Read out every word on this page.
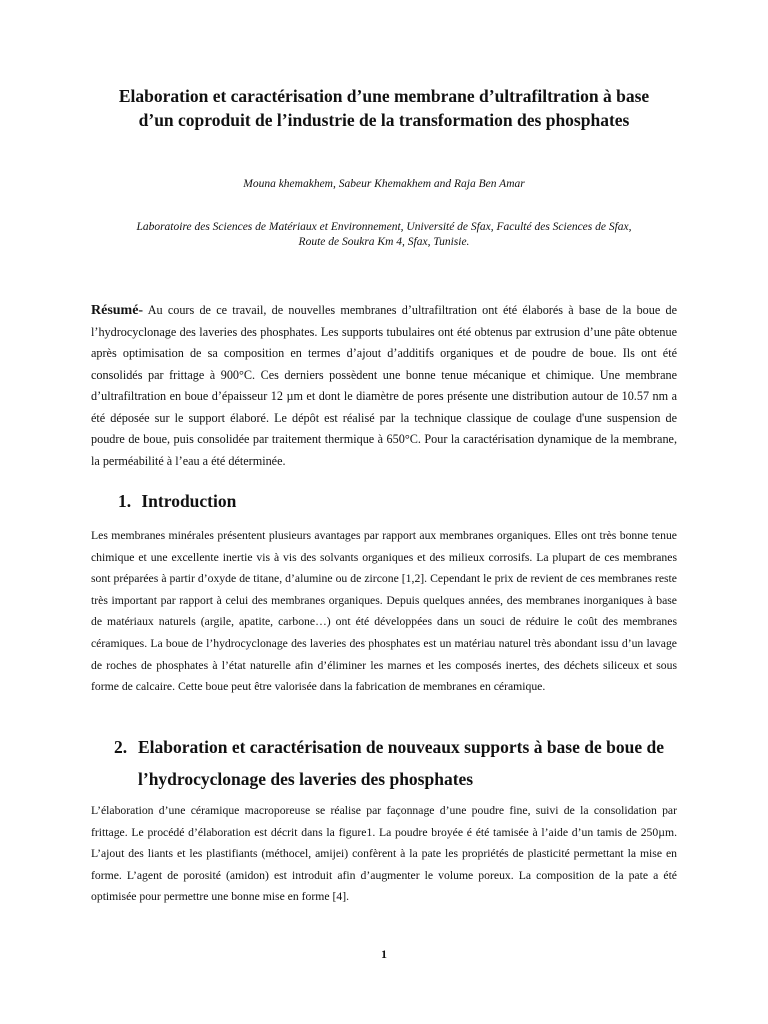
Elaboration et caractérisation d’une membrane d’ultrafiltration à base
d’un coproduit de l’industrie de la transformation des phosphates

Mouna khemakhem, Sabeur Khemakhem and Raja Ben Amar

Laboratoire des Sciences de Matériaux et Environnement, Université de Sfax, Faculté des Sciences de Sfax,
Route de Soukra Km 4, Sfax, Tunisie.

Résumé- Au cours de ce travail, de nouvelles membranes d’ultrafiltration ont été élaborés à base de la boue de l’hydrocyclonage des laveries des phosphates. Les supports tubulaires ont été obtenus par extrusion d’une pâte obtenue après optimisation de sa composition en termes d’ajout d’additifs organiques et de poudre de boue. Ils ont été consolidés par frittage à 900°C. Ces derniers possèdent une bonne tenue mécanique et chimique. Une membrane d’ultrafiltration en boue d’épaisseur 12 µm et dont le diamètre de pores présente une distribution autour de 10.57 nm a été déposée sur le support élaboré. Le dépôt est réalisé par la technique classique de coulage d'une suspension de poudre de boue, puis consolidée par traitement thermique à 650°C. Pour la caractérisation dynamique de la membrane, la perméabilité à l’eau a été déterminée.

1. Introduction

Les membranes minérales présentent plusieurs avantages par rapport aux membranes organiques. Elles ont très bonne tenue chimique et une excellente inertie vis à vis des solvants organiques et des milieux corrosifs. La plupart de ces membranes sont préparées à partir d’oxyde de titane, d’alumine ou de zircone [1,2]. Cependant le prix de revient de ces membranes reste très important par rapport à celui des membranes organiques. Depuis quelques années, des membranes inorganiques à base de matériaux naturels (argile, apatite, carbone…) ont été développées dans un souci de réduire le coût des membranes céramiques. La boue de l’hydrocyclonage des laveries des phosphates est un matériau naturel très abondant issu d’un lavage de roches de phosphates à l’état naturelle afin d’éliminer les marnes et les composés inertes, des déchets siliceux et sous forme de calcaire. Cette boue peut être valorisée dans la fabrication de membranes en céramique.

2. Elaboration et caractérisation de nouveaux supports à base de boue de l’hydrocyclonage des laveries des phosphates

L’élaboration d’une céramique macroporeuse se réalise par façonnage d’une poudre fine, suivi de la consolidation par frittage. Le procédé d’élaboration est décrit dans la figure1. La poudre broyée é été tamisée à l’aide d’un tamis de 250µm. L’ajout des liants et les plastifiants (méthocel, amijei) confèrent à la pate les propriétés de plasticité permettant la mise en forme. L’agent de porosité (amidon) est introduit afin d’augmenter le volume poreux. La composition de la pate a été optimisée pour permettre une bonne mise en forme [4].

1
